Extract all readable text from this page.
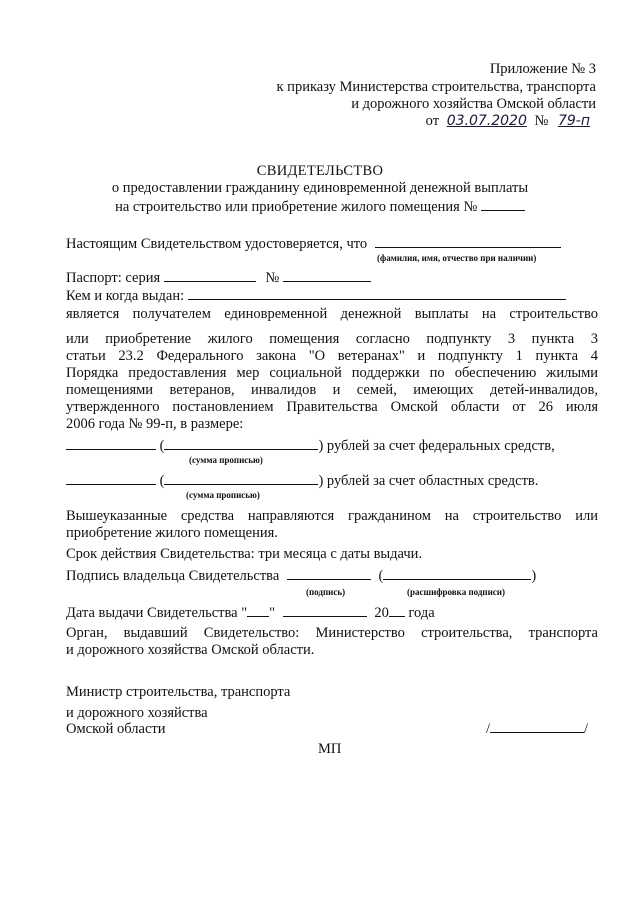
Приложение № 3
к приказу Министерства строительства, транспорта
и дорожного хозяйства Омской области
от 03.07.2020 № 79-п
СВИДЕТЕЛЬСТВО
о предоставлении гражданину единовременной денежной выплаты
на строительство или приобретение жилого помещения №
Настоящим Свидетельством удостоверяется, что
(фамилия, имя, отчество при наличии)
Паспорт: серия	№
Кем и когда выдан:
является получателем единовременной денежной выплаты на строительство
или приобретение жилого помещения согласно подпункту 3 пункта 3
статьи 23.2 Федерального закона "О ветеранах" и подпункту 1 пункта 4
Порядка предоставления мер социальной поддержки по обеспечению жилыми
помещениями ветеранов, инвалидов и семей, имеющих детей-инвалидов,
утвержденного постановлением Правительства Омской области от 26 июля
2006 года № 99-п, в размере:
(	) рублей за счет федеральных средств,
(сумма прописью)
(	) рублей за счет областных средств.
(сумма прописью)
Вышеуказанные средства направляются гражданином на строительство или
приобретение жилого помещения.
Срок действия Свидетельства: три месяца с даты выдачи.
Подпись владельца Свидетельства	(	)
(подпись)	(расшифровка подписи)
Дата выдачи Свидетельства " "	20 года
Орган, выдавший Свидетельство: Министерство строительства, транспорта
и дорожного хозяйства Омской области.
Министр строительства, транспорта
и дорожного хозяйства
Омской области	/	/
МП
